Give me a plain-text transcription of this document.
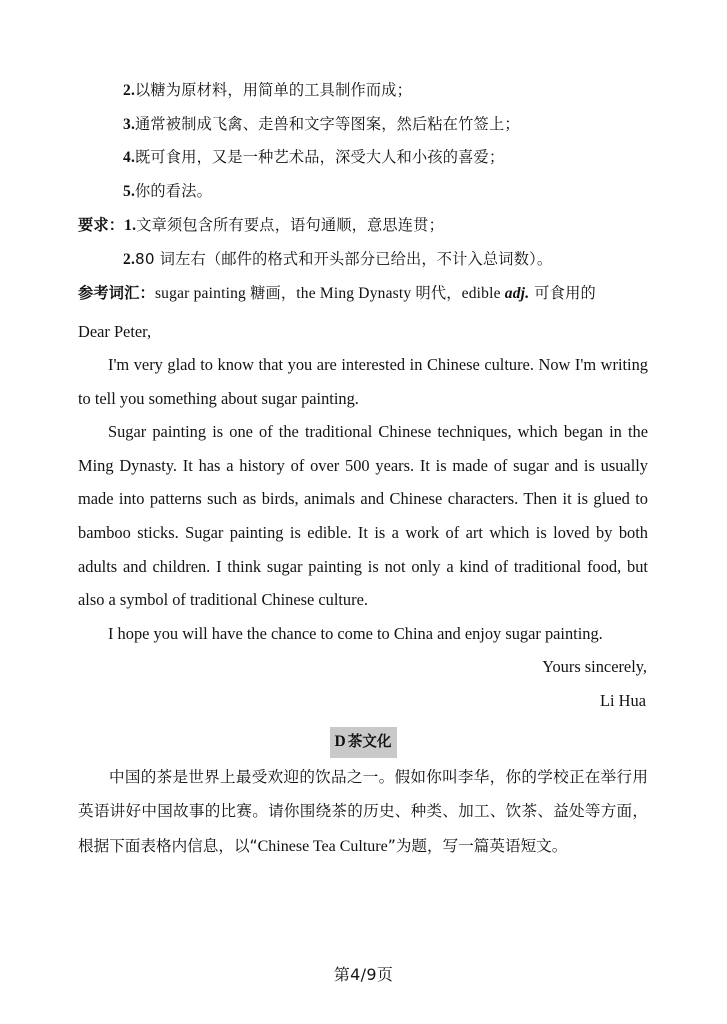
2.以糖为原材料，用简单的工具制作而成；
3.通常被制成飞禽、走兽和文字等图案，然后粘在竹签上；
4.既可食用，又是一种艺术品，深受大人和小孩的喜爱；
5.你的看法。
要求：1.文章须包含所有要点，语句通顺，意思连贯；
2.80 词左右（邮件的格式和开头部分已给出，不计入总词数）。
参考词汇：sugar painting 糖画，the Ming Dynasty 明代，edible adj. 可食用的
Dear Peter,

I'm very glad to know that you are interested in Chinese culture. Now I'm writing to tell you something about sugar painting.

Sugar painting is one of the traditional Chinese techniques, which began in the Ming Dynasty. It has a history of over 500 years. It is made of sugar and is usually made into patterns such as birds, animals and Chinese characters. Then it is glued to bamboo sticks. Sugar painting is edible. It is a work of art which is loved by both adults and children. I think sugar painting is not only a kind of traditional food, but also a symbol of traditional Chinese culture.

I hope you will have the chance to come to China and enjoy sugar painting.

Yours sincerely,

Li Hua

D 茶文化

中国的茶是世界上最受欢迎的饮品之一。假如你叫李华，你的学校正在举行用英语讲好中国故事的比赛。请你围绕茶的历史、种类、加工、饮茶、益处等方面，根据下面表格内信息，以“Chinese Tea Culture”为题，写一篇英语短文。

第4/9页
